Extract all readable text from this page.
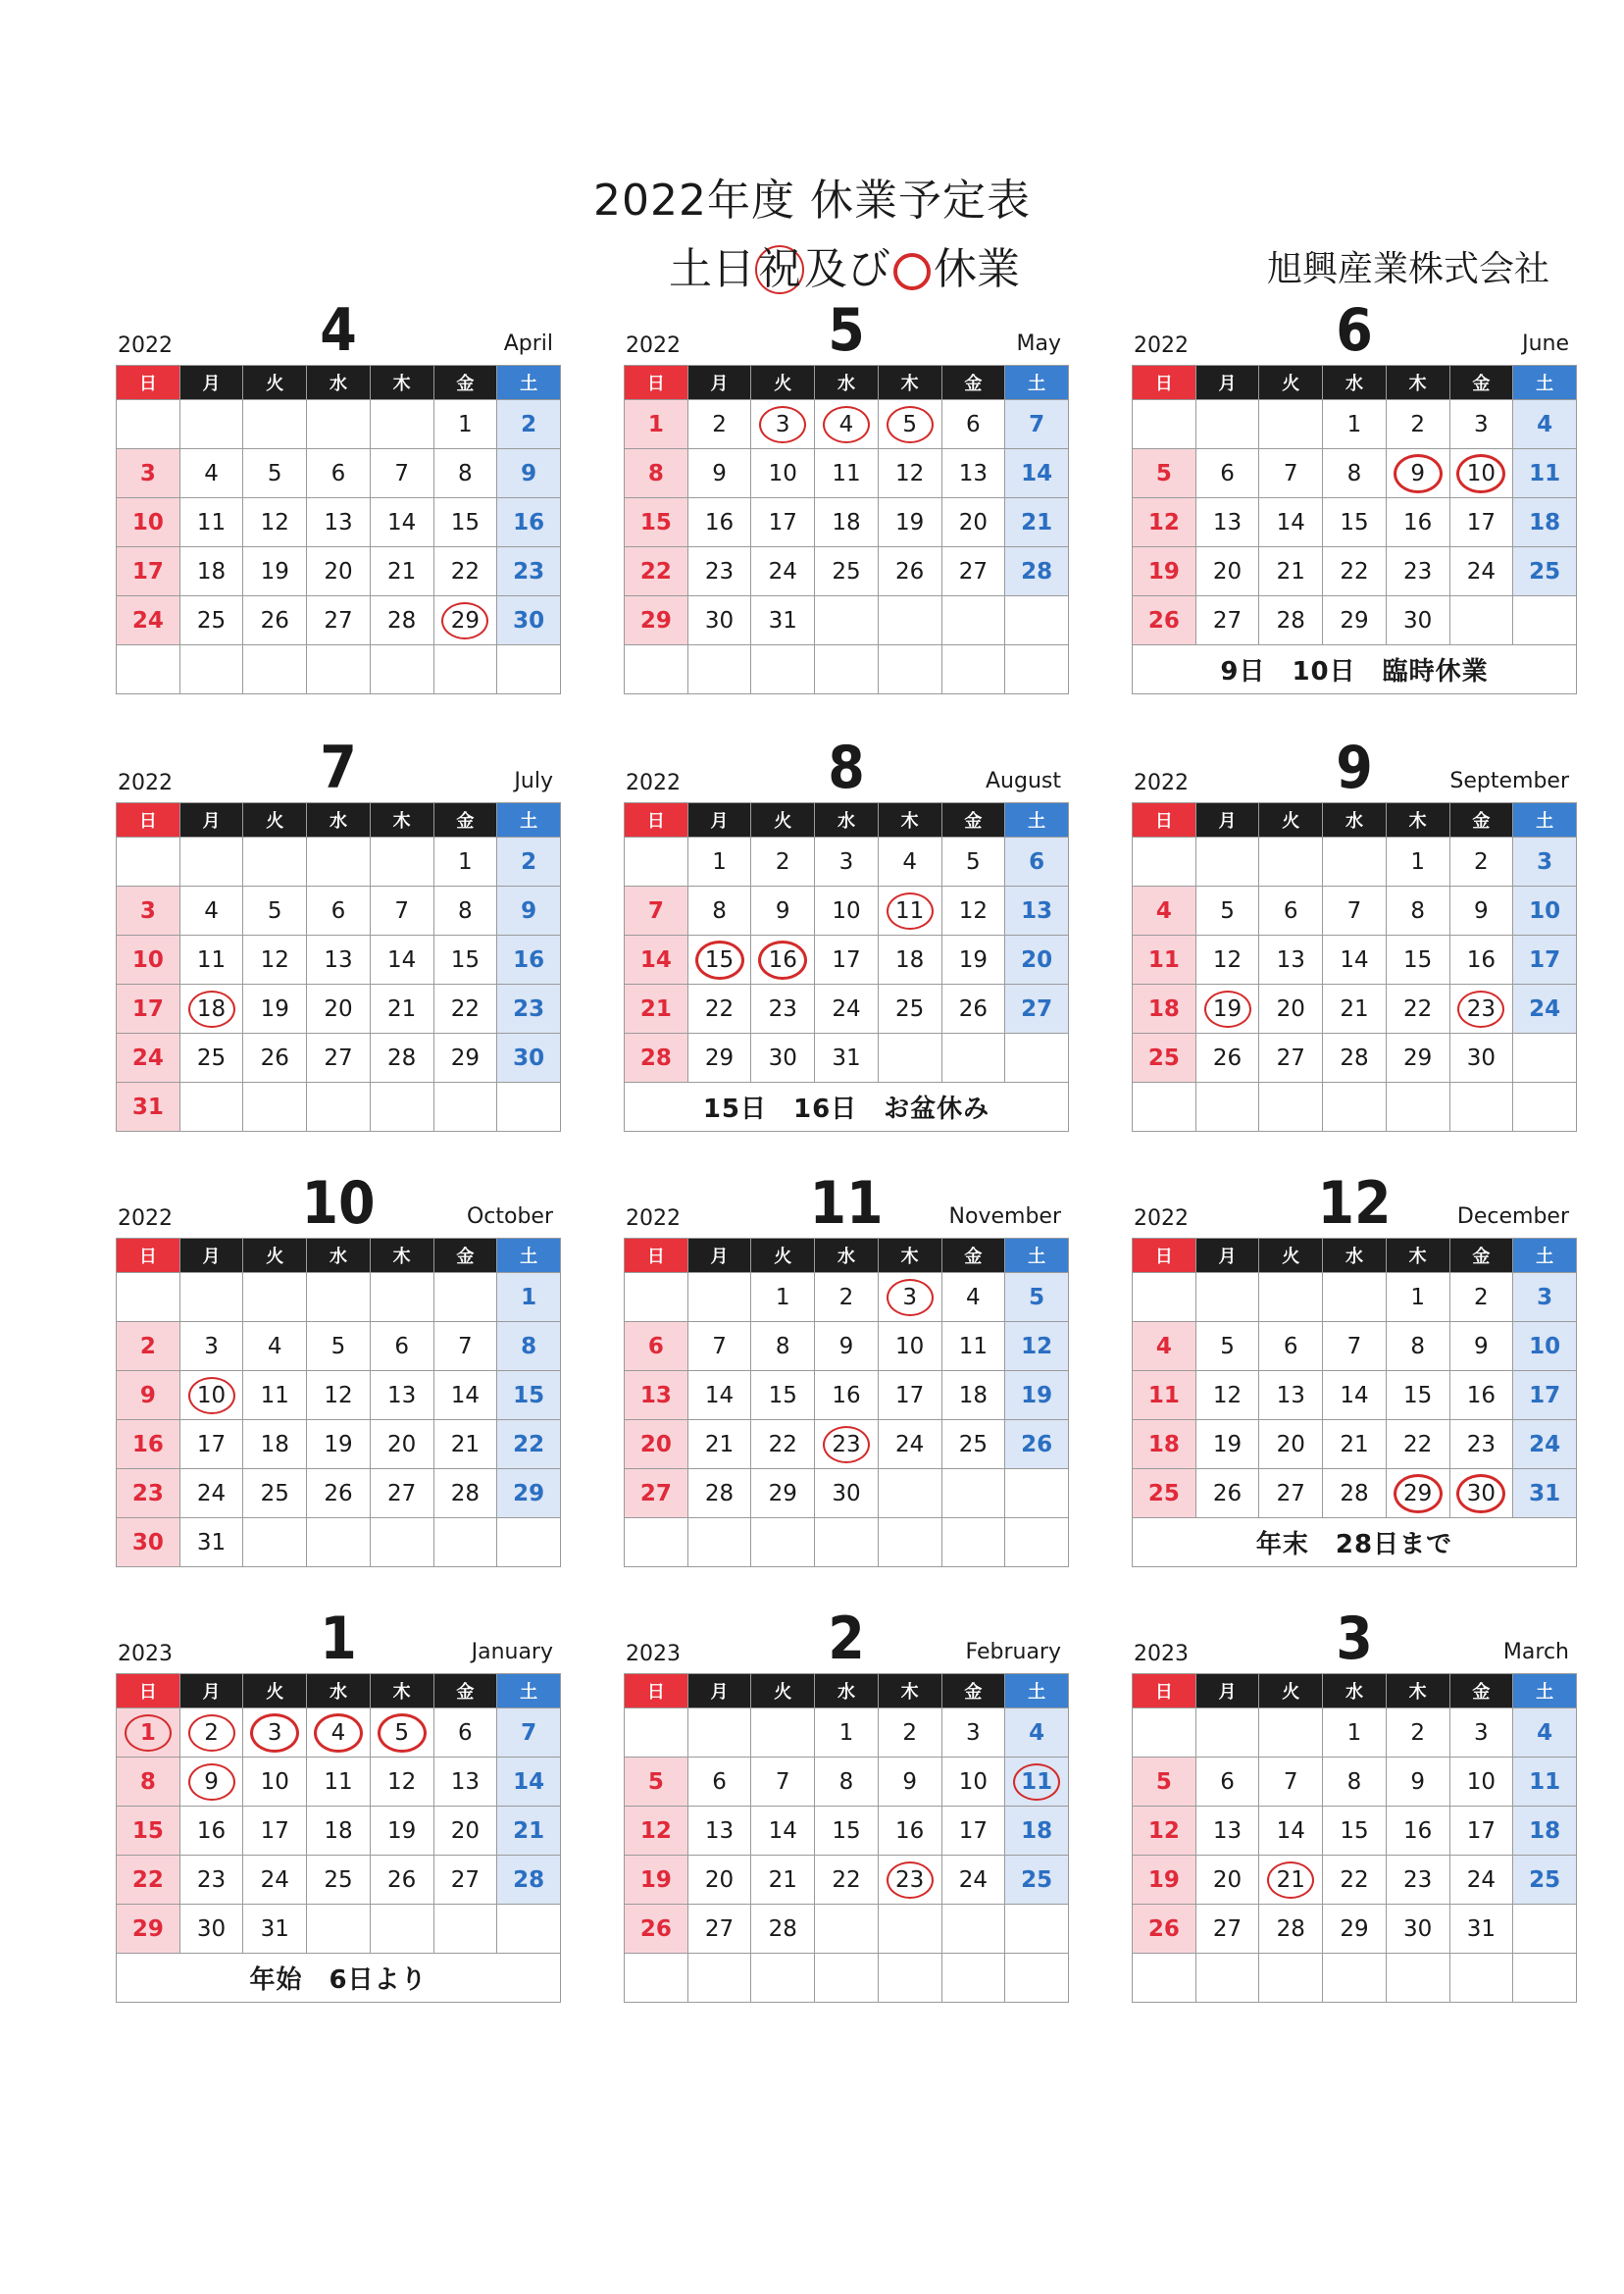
2022年度 休業予定表
土日祝及び 休業	旭興産業株式会社
4
2022	April
日	月	火	水	木	金	土
					1	2
3	4	5	6	7	8	9
10	11	12	13	14	15	16
17	18	19	20	21	22	23
24	25	26	27	28	29	30

5
2022	May
日	月	火	水	木	金	土
1	2	3	4	5	6	7
8	9	10	11	12	13	14
15	16	17	18	19	20	21
22	23	24	25	26	27	28
29	30	31				

6
2022	June
日	月	火	水	木	金	土
			1	2	3	4
5	6	7	8	9	10	11
12	13	14	15	16	17	18
19	20	21	22	23	24	25
26	27	28	29	30		
9日　10日　臨時休業						
7
2022	July
日	月	火	水	木	金	土
					1	2
3	4	5	6	7	8	9
10	11	12	13	14	15	16
17	18	19	20	21	22	23
24	25	26	27	28	29	30
31						
8
2022	August
日	月	火	水	木	金	土
	1	2	3	4	5	6
7	8	9	10	11	12	13
14	15	16	17	18	19	20
21	22	23	24	25	26	27
28	29	30	31			
15日　16日　お盆休み						
9
2022	September
日	月	火	水	木	金	土
				1	2	3
4	5	6	7	8	9	10
11	12	13	14	15	16	17
18	19	20	21	22	23	24
25	26	27	28	29	30	

10
2022	October
日	月	火	水	木	金	土
						1
2	3	4	5	6	7	8
9	10	11	12	13	14	15
16	17	18	19	20	21	22
23	24	25	26	27	28	29
30	31					
11
2022	November
日	月	火	水	木	金	土
		1	2	3	4	5
6	7	8	9	10	11	12
13	14	15	16	17	18	19
20	21	22	23	24	25	26
27	28	29	30			

12
2022	December
日	月	火	水	木	金	土
				1	2	3
4	5	6	7	8	9	10
11	12	13	14	15	16	17
18	19	20	21	22	23	24
25	26	27	28	29	30	31
年末　28日まで						
1
2023	January
日	月	火	水	木	金	土
1	2	3	4	5	6	7
8	9	10	11	12	13	14
15	16	17	18	19	20	21
22	23	24	25	26	27	28
29	30	31				
年始　6日より						
2
2023	February
日	月	火	水	木	金	土
			1	2	3	4
5	6	7	8	9	10	11
12	13	14	15	16	17	18
19	20	21	22	23	24	25
26	27	28				

3
2023	March
日	月	火	水	木	金	土
			1	2	3	4
5	6	7	8	9	10	11
12	13	14	15	16	17	18
19	20	21	22	23	24	25
26	27	28	29	30	31	
